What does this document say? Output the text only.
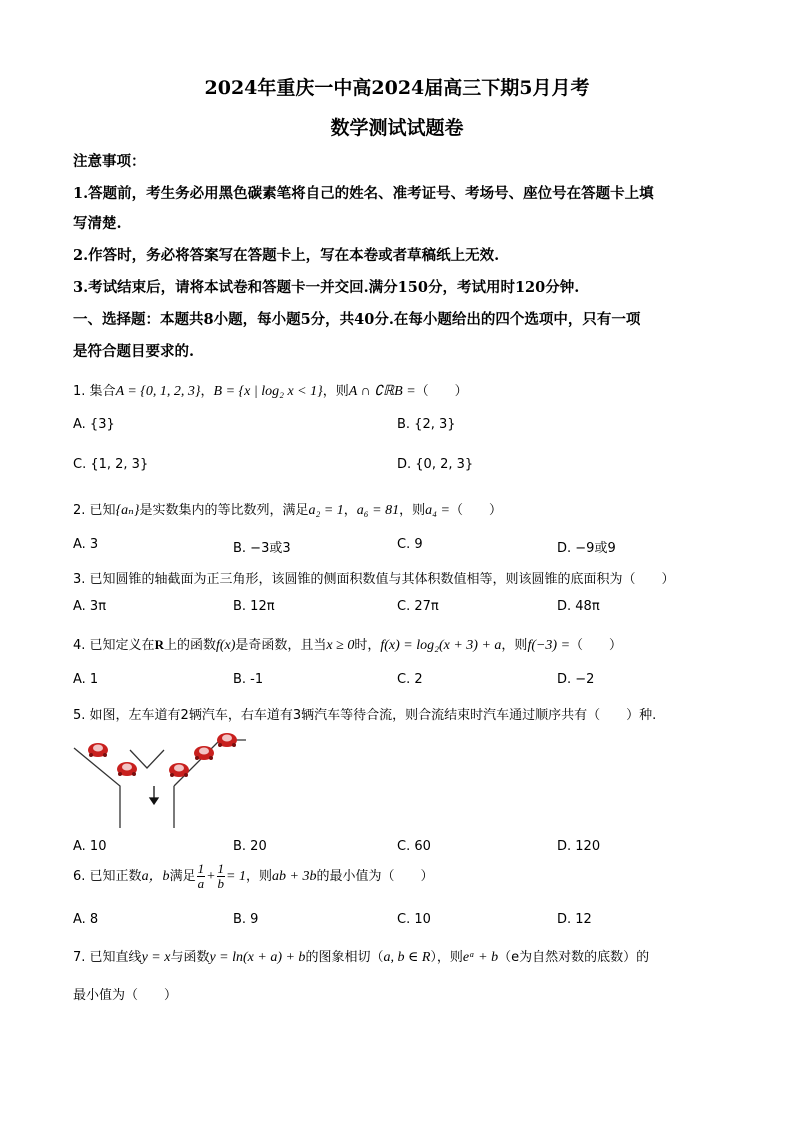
2024年重庆一中高2024届高三下期5月月考
数学测试试题卷
注意事项：
1.答题前，考生务必用黑色碳素笔将自己的姓名、准考证号、考场号、座位号在答题卡上填
写清楚.
2.作答时，务必将答案写在答题卡上，写在本卷或者草稿纸上无效.
3.考试结束后，请将本试卷和答题卡一并交回.满分150分，考试用时120分钟.
一、选择题：本题共8小题，每小题5分，共40分.在每小题给出的四个选项中，只有一项
是符合题目要求的.
1. 集合A = {0, 1, 2, 3}，B = {x | log₂ x < 1}，则A ∩ ∁ℝB =（　　）
A. {3}	B. {2, 3}
C. {1, 2, 3}	D. {0, 2, 3}
2. 已知{aₙ}是实数集内的等比数列，满足a₂ = 1，a₆ = 81，则a₄ =（　　）
A. 3	B. −3或3	C. 9	D. −9或9
3. 已知圆锥的轴截面为正三角形，该圆锥的侧面积数值与其体积数值相等，则该圆锥的底面积为（　　）
A. 3π	B. 12π	C. 27π	D. 48π
4. 已知定义在R上的函数f(x)是奇函数，且当x ≥ 0时，f(x) = log₂(x + 3) + a，则f(−3) =（　　）
A. 1	B. -1	C. 2	D. −2
5. 如图，左车道有2辆汽车，右车道有3辆汽车等待合流，则合流结束时汽车通过顺序共有（　　）种.
A. 10	B. 20	C. 60	D. 120
6. 已知正数a，b满足 $\frac{1}{a} + \frac{1}{b} = 1$，则ab + 3b的最小值为（　　）
A. 8	B. 9	C. 10	D. 12
7. 已知直线y = x与函数y = ln(x + a) + b的图象相切（a, b ∈ R），则eᵃ + b（e为自然对数的底数）的
最小值为（　　）
